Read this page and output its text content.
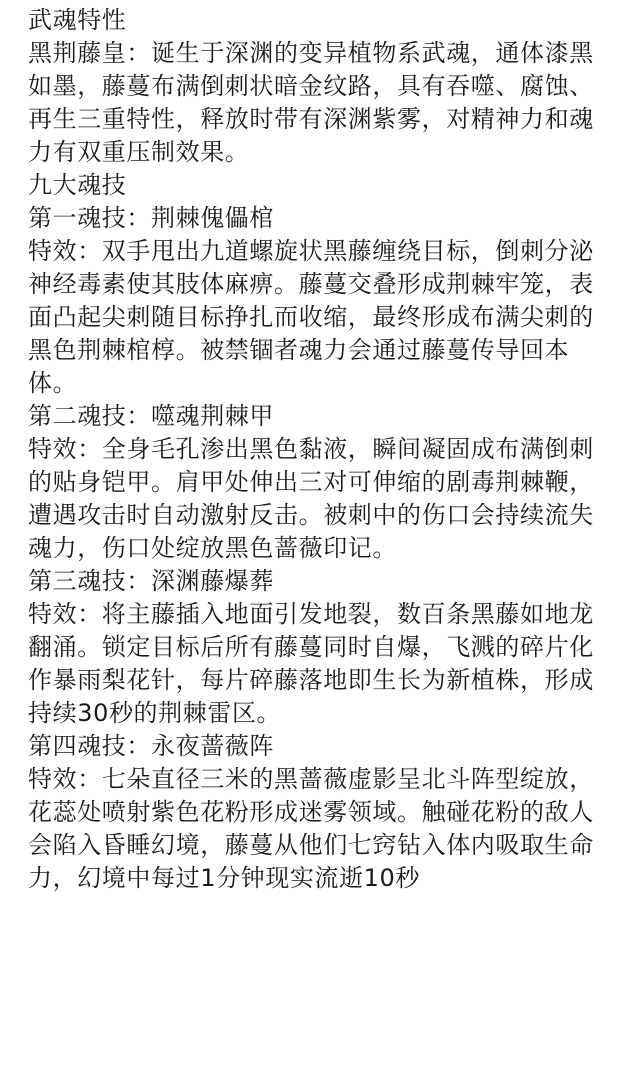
武魂特性

黑荆藤皇：诞生于深渊的变异植物系武魂，通体漆黑如墨，藤蔓布满倒刺状暗金纹路，具有吞噬、腐蚀、再生三重特性，释放时带有深渊紫雾，对精神力和魂力有双重压制效果。

九大魂技
第一魂技：荆棘傀儡棺

特效：双手甩出九道螺旋状黑藤缠绕目标，倒刺分泌神经毒素使其肢体麻痹。藤蔓交叠形成荆棘牢笼，表面凸起尖刺随目标挣扎而收缩，最终形成布满尖刺的黑色荆棘棺椁。被禁锢者魂力会通过藤蔓传导回本体。

第二魂技：噬魂荆棘甲

特效：全身毛孔渗出黑色黏液，瞬间凝固成布满倒刺的贴身铠甲。肩甲处伸出三对可伸缩的剧毒荆棘鞭，遭遇攻击时自动激射反击。被刺中的伤口会持续流失魂力，伤口处绽放黑色蔷薇印记。

第三魂技：深渊藤爆葬

特效：将主藤插入地面引发地裂，数百条黑藤如地龙翻涌。锁定目标后所有藤蔓同时自爆，飞溅的碎片化作暴雨梨花针，每片碎藤落地即生长为新植株，形成持续30秒的荆棘雷区。

第四魂技：永夜蔷薇阵

特效：七朵直径三米的黑蔷薇虚影呈北斗阵型绽放，花蕊处喷射紫色花粉形成迷雾领域。触碰花粉的敌人会陷入昏睡幻境，藤蔓从他们七窍钻入体内吸取生命力，幻境中每过1分钟现实流逝10秒
